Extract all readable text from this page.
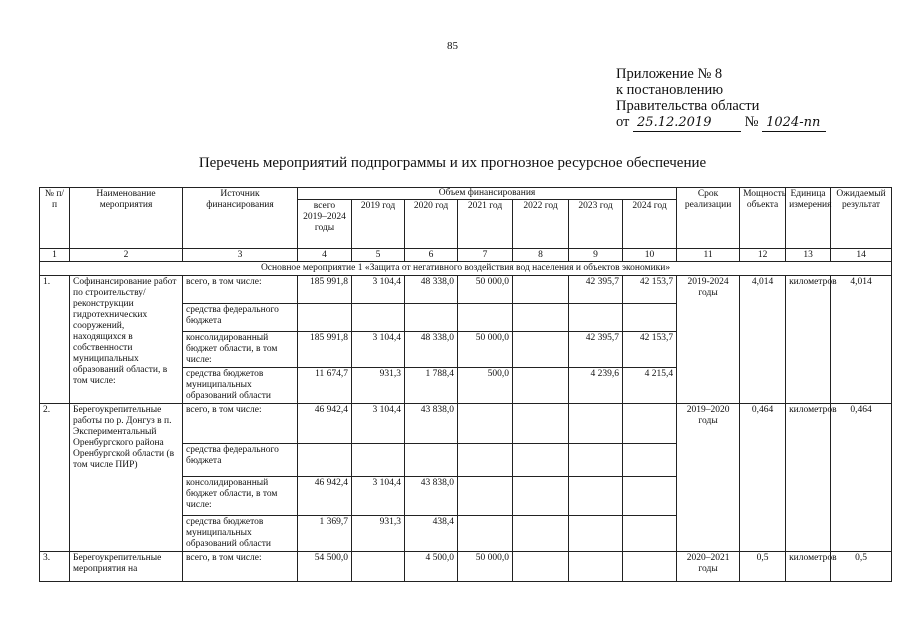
85
Приложение № 8
к постановлению
Правительства области
от 25.12.2019 № 1024-пп
Перечень мероприятий подпрограммы и их прогнозное ресурсное обеспечение
№ п/п	Наименование мероприятия	Источник финансирования	Объем финансирования							Срок реализации	Мощность объекта	Единица измерения	Ожидаемый результат
			всего 2019–2024 годы	2019 год	2020 год	2021 год	2022 год	2023 год	2024 год				
1	2	3	4	5	6	7	8	9	10	11	12	13	14
Основное мероприятие 1 «Защита от негативного воздействия вод населения и объектов экономики»													
1.	Софинансирование работ по строительству/реконструкции гидротехнических сооружений, находящихся в собственности муниципальных образований области, в том числе:	всего, в том числе:	185 991,8	3 104,4	48 338,0	50 000,0		42 395,7	42 153,7	2019-2024 годы	4,014	километров	4,014
		средства федерального бюджета											
		консолидированный бюджет области, в том числе:	185 991,8	3 104,4	48 338,0	50 000,0		42 395,7	42 153,7				
		средства бюджетов муниципальных образований области	11 674,7	931,3	1 788,4	500,0		4 239,6	4 215,4				
2.	Берегоукрепительные работы по р. Донгуз в п. Экспериментальный Оренбургского района Оренбургской области (в том числе ПИР)	всего, в том числе:	46 942,4	3 104,4	43 838,0					2019–2020 годы	0,464	километров	0,464
		средства федерального бюджета											
		консолидированный бюджет области, в том числе:	46 942,4	3 104,4	43 838,0								
		средства бюджетов муниципальных образований области	1 369,7	931,3	438,4								
3.	Берегоукрепительные мероприятия на	всего, в том числе:	54 500,0		4 500,0	50 000,0				2020–2021 годы	0,5	километров	0,5
